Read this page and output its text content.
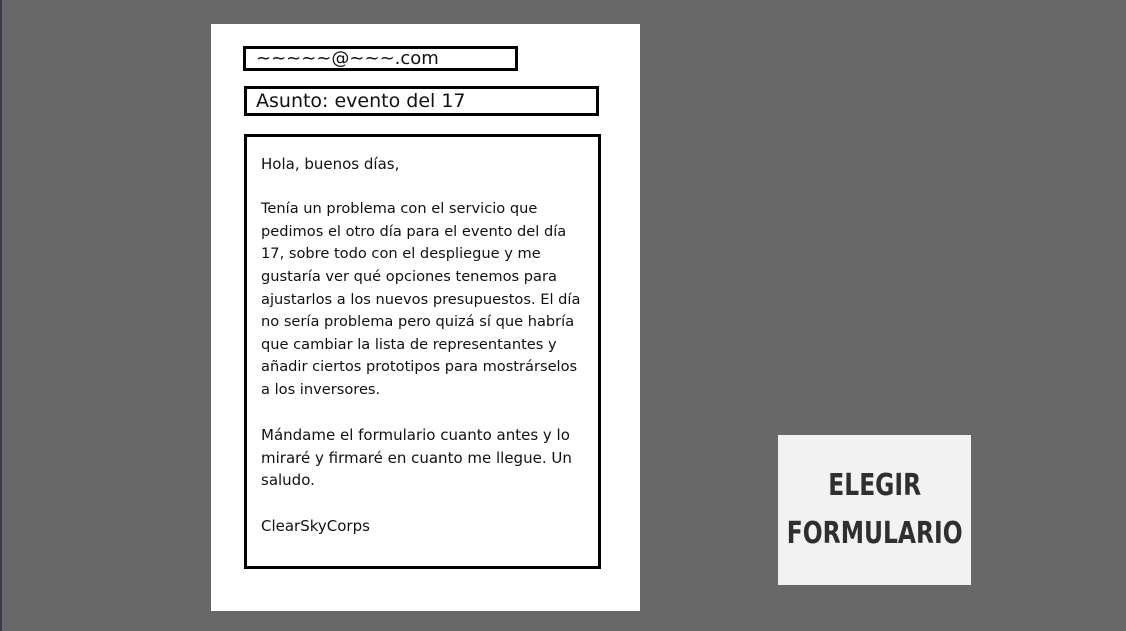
~~~~~@~~~.com
Asunto: evento del 17

Hola, buenos días,

Tenía un problema con el servicio que pedimos el otro día para el evento del día 17, sobre todo con el despliegue y me gustaría ver qué opciones tenemos para ajustarlos a los nuevos presupuestos. El día no sería problema pero quizá sí que habría que cambiar la lista de representantes y añadir ciertos prototipos para mostrárselos a los inversores.

Mándame el formulario cuanto antes y lo miraré y firmaré en cuanto me llegue. Un saludo.

ClearSkyCorps

ELEGIR
FORMULARIO
